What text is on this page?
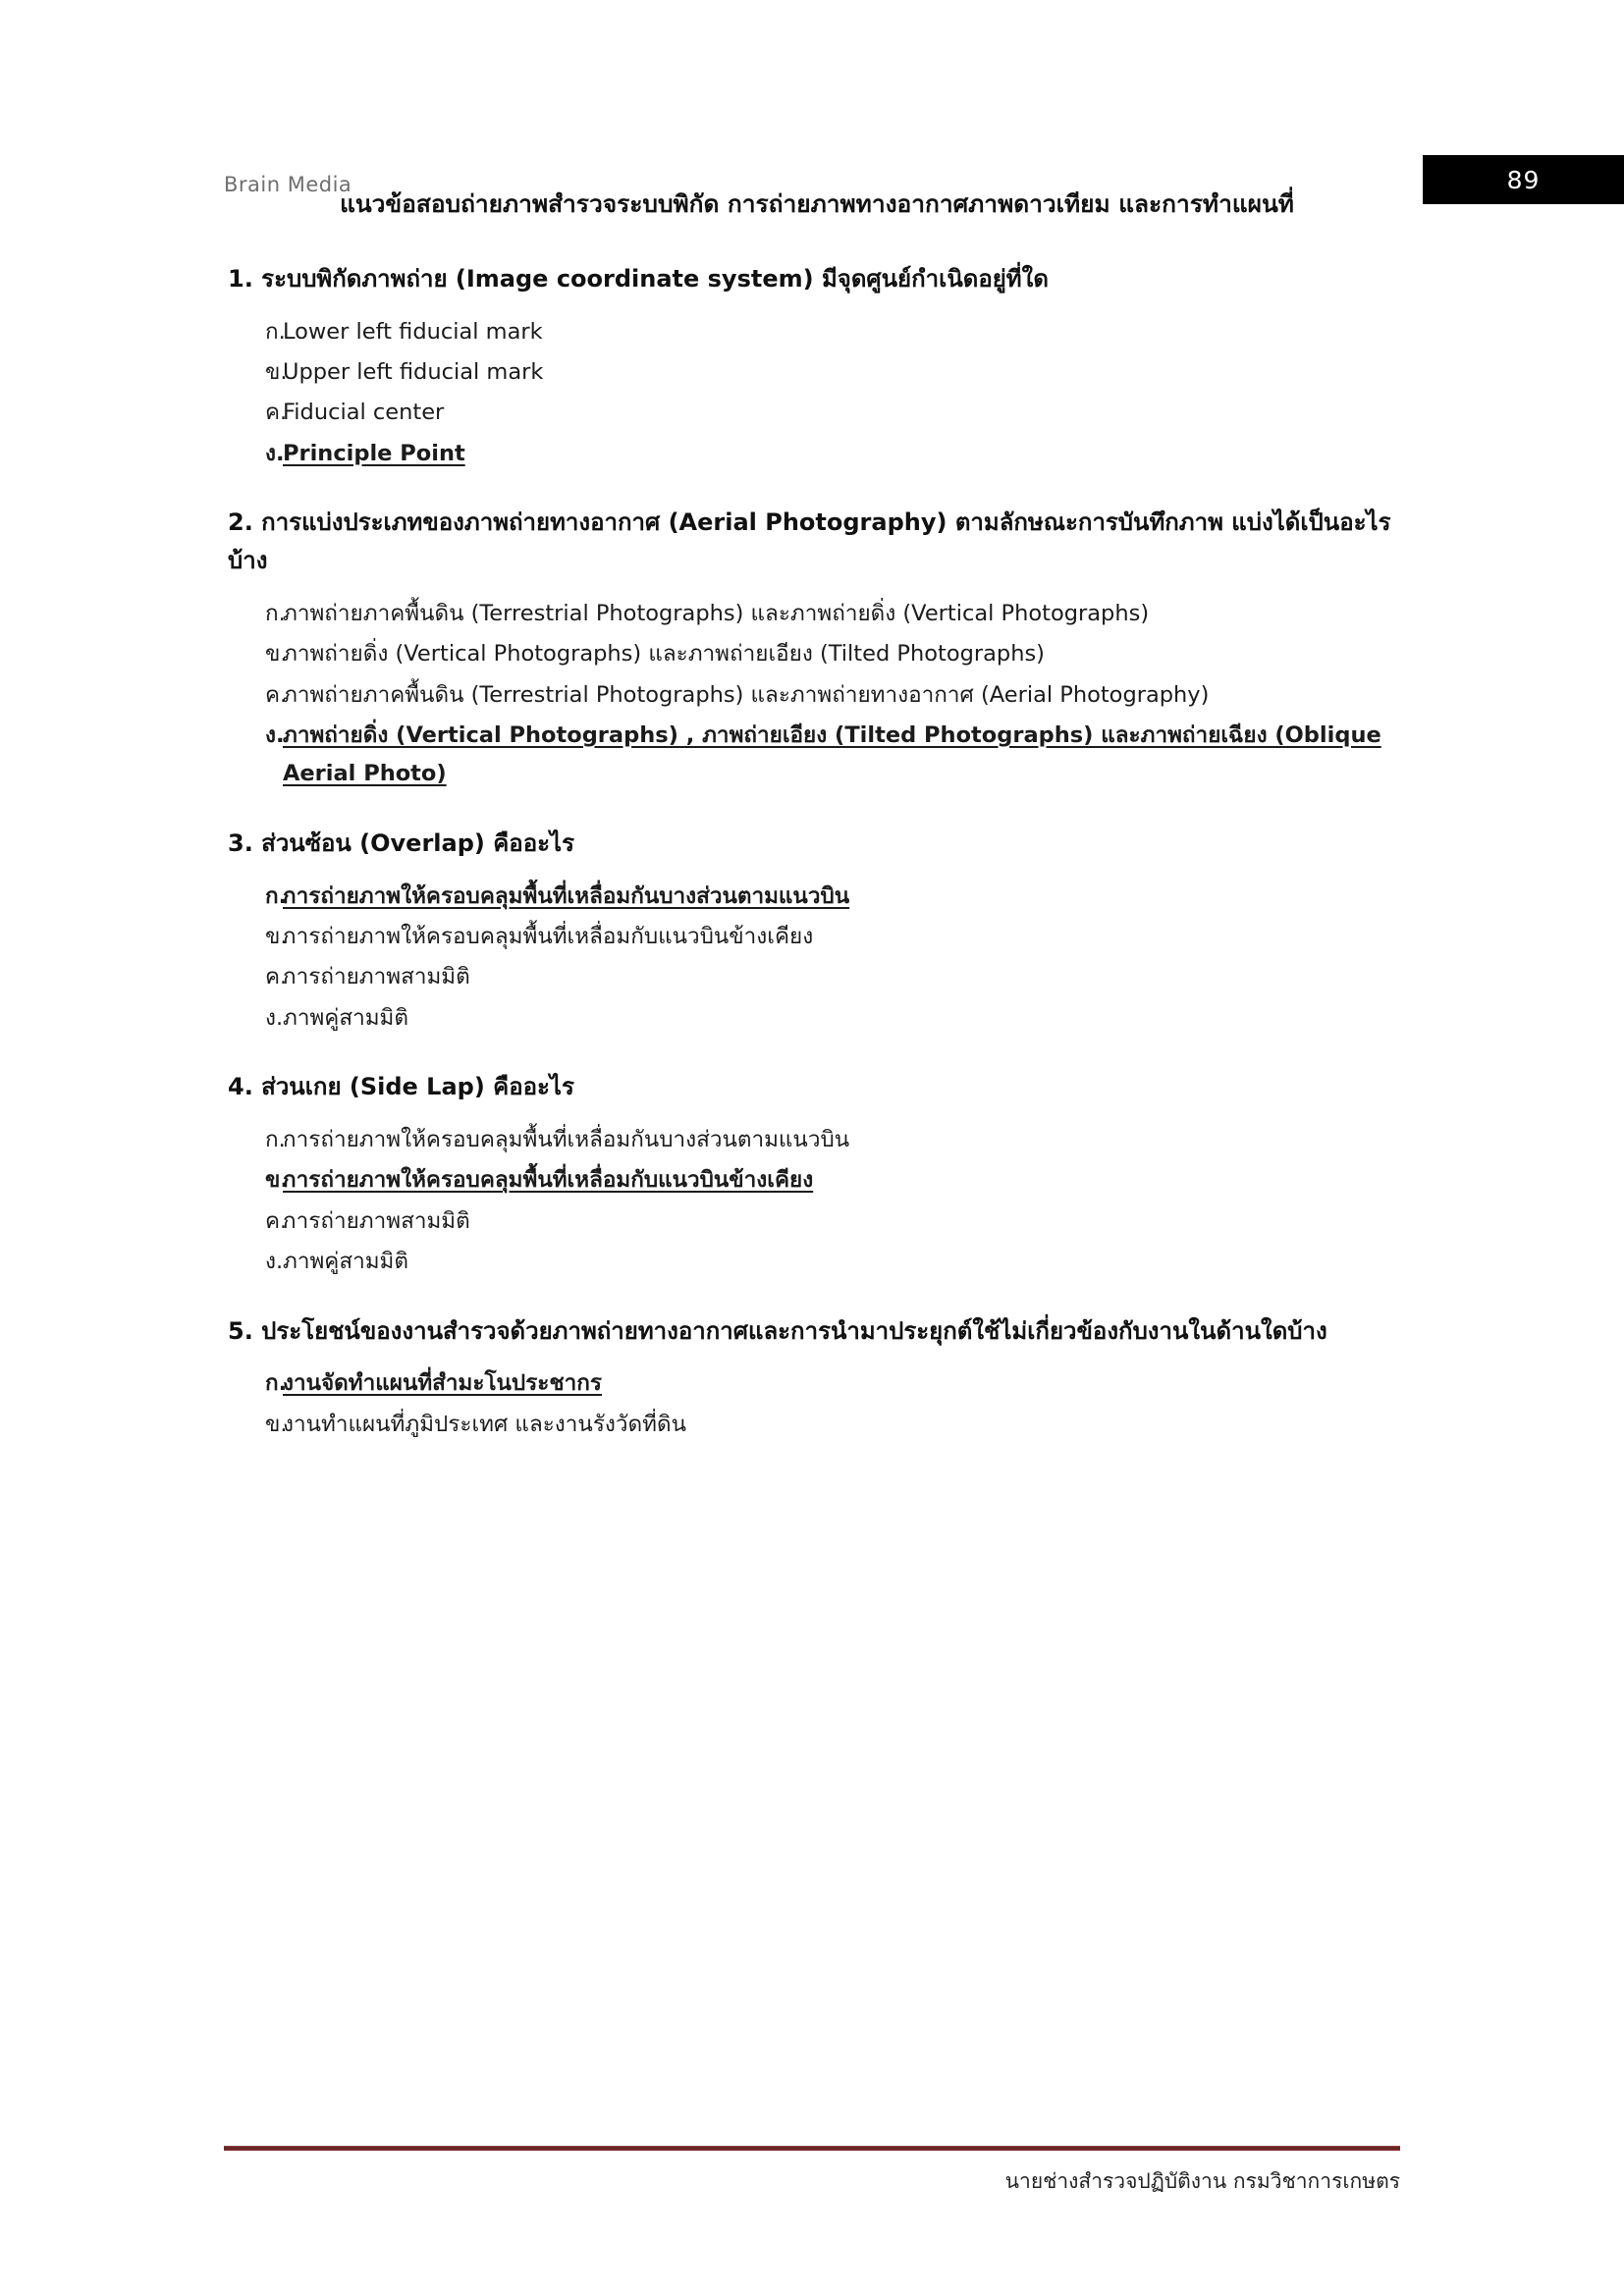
Brain Media	89
แนวข้อสอบถ่ายภาพสำรวจระบบพิกัด การถ่ายภาพทางอากาศภาพดาวเทียม และการทำแผนที่
1. ระบบพิกัดภาพถ่าย (Image coordinate system) มีจุดศูนย์กำเนิดอยู่ที่ใด
ก.
Lower left fiducial mark
ข.
Upper left fiducial mark
ค.
Fiducial center
ง.
Principle Point
2. การแบ่งประเภทของภาพถ่ายทางอากาศ (Aerial Photography) ตามลักษณะการบันทึกภาพ แบ่งได้เป็นอะไรบ้าง
ก.
ภาพถ่ายภาคพื้นดิน (Terrestrial Photographs) และภาพถ่ายดิ่ง (Vertical Photographs)
ข.
ภาพถ่ายดิ่ง (Vertical Photographs) และภาพถ่ายเอียง (Tilted Photographs)
ค.
ภาพถ่ายภาคพื้นดิน (Terrestrial Photographs) และภาพถ่ายทางอากาศ (Aerial Photography)
ง.
ภาพถ่ายดิ่ง (Vertical Photographs) , ภาพถ่ายเอียง (Tilted Photographs) และภาพถ่ายเฉียง (Oblique Aerial Photo)
3. ส่วนซ้อน (Overlap) คืออะไร
ก.
การถ่ายภาพให้ครอบคลุมพื้นที่เหลื่อมกันบางส่วนตามแนวบิน
ข.
การถ่ายภาพให้ครอบคลุมพื้นที่เหลื่อมกับแนวบินข้างเคียง
ค.
การถ่ายภาพสามมิติ
ง. ภาพคู่สามมิติ
4. ส่วนเกย (Side Lap) คืออะไร
ก.
การถ่ายภาพให้ครอบคลุมพื้นที่เหลื่อมกันบางส่วนตามแนวบิน
ข.
การถ่ายภาพให้ครอบคลุมพื้นที่เหลื่อมกับแนวบินข้างเคียง
ค.
การถ่ายภาพสามมิติ
ง. ภาพคู่สามมิติ
5. ประโยชน์ของงานสำรวจด้วยภาพถ่ายทางอากาศและการนำมาประยุกต์ใช้ไม่เกี่ยวข้องกับงานในด้านใดบ้าง
ก.
งานจัดทำแผนที่สำมะโนประชากร
ข.
งานทำแผนที่ภูมิประเทศ และงานรังวัดที่ดิน
นายช่างสำรวจปฏิบัติงาน กรมวิชาการเกษตร
